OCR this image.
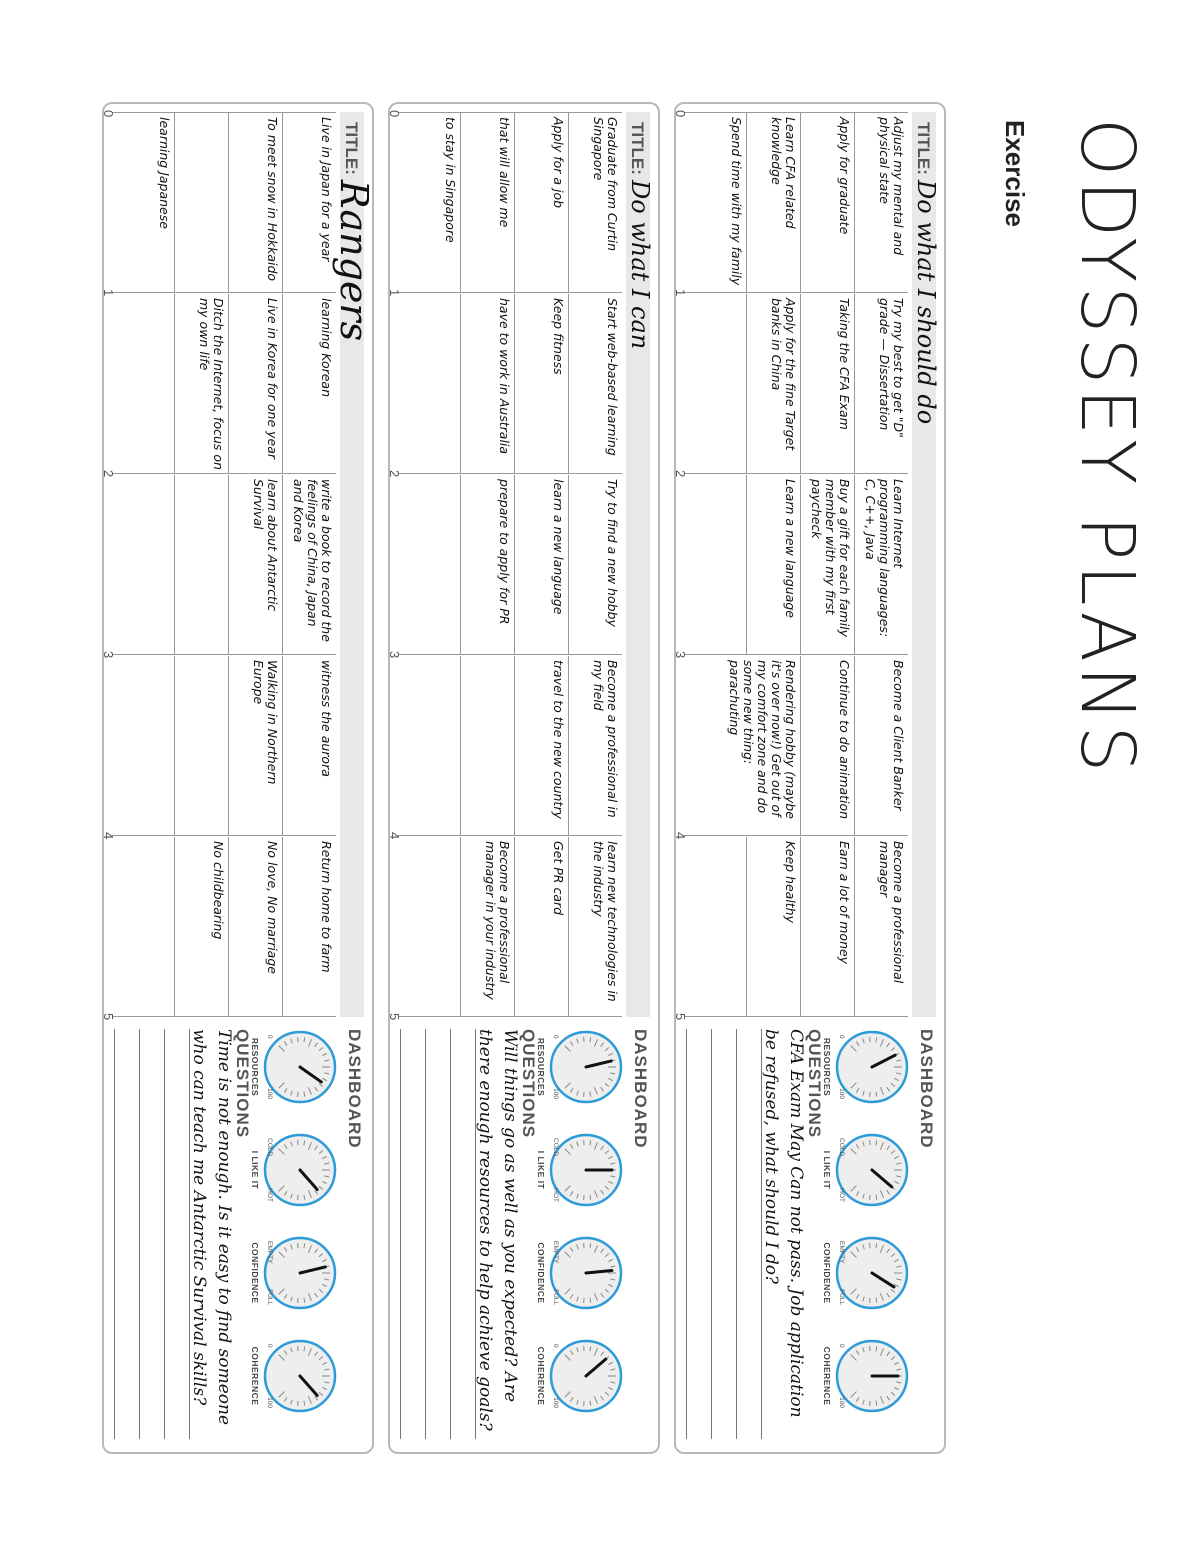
ODYSSEY PLANS
Exercise
TITLE:
Do what I should do
Adjust my mental and physical state
Apply for graduate
Learn CFA related knowledge
Spend time with my family
Try my best to get "D" grade — Dissertation
Taking the CFA Exam
Apply for the fine Target banks in China
Learn Internet programming languages: C, C++, Java
Buy a gift for each family member with my first paycheck
Learn a new language
Become a Client Banker
Continue to do animation
Rendering hobby (maybe it's over now!) Get out of my comfort zone and do some new thing: parachuting
Become a professional manager
Earn a lot of money
Keep healthy
0
1
2
3
4
5
DASHBOARD
0
100
RESOURCES
COLD
HOT
I LIKE IT
EMPTY
FULL
CONFIDENCE
0
100
COHERENCE
QUESTIONS
CFA Exam May Can not pass. Job application be refused, what should I do?
TITLE:
Do what I can
Graduate from Curtin Singapore
Apply for a job
that will allow me
to stay in Singapore
Start web-based learning
Keep fitness
have to work in Australia
Try to find a new hobby
learn a new language
prepare to apply for PR
Become a professional in my field
travel to the new country
learn new technologies in the industry
Get PR card
Become a professional manager in your industry
0
1
2
3
4
5
DASHBOARD
0
100
RESOURCES
COLD
HOT
I LIKE IT
EMPTY
FULL
CONFIDENCE
0
100
COHERENCE
QUESTIONS
Will things go as well as you expected? Are there enough resources to help achieve goals?
TITLE:
Rangers
Live in Japan for a year
To meet snow in Hokkaido
learning Japanese
learning Korean
Live in Korea for one year
Ditch the Internet, focus on my own life
write a book to record the feelings of China, Japan and Korea
learn about Antarctic Survival
witness the aurora
Walking in Northern Europe
Return home to farm
No love, No marriage
No childbearing
0
1
2
3
4
5
DASHBOARD
0
100
RESOURCES
COLD
HOT
I LIKE IT
EMPTY
FULL
CONFIDENCE
0
100
COHERENCE
QUESTIONS
Time is not enough. Is it easy to find someone who can teach me Antarctic Survival skills?
